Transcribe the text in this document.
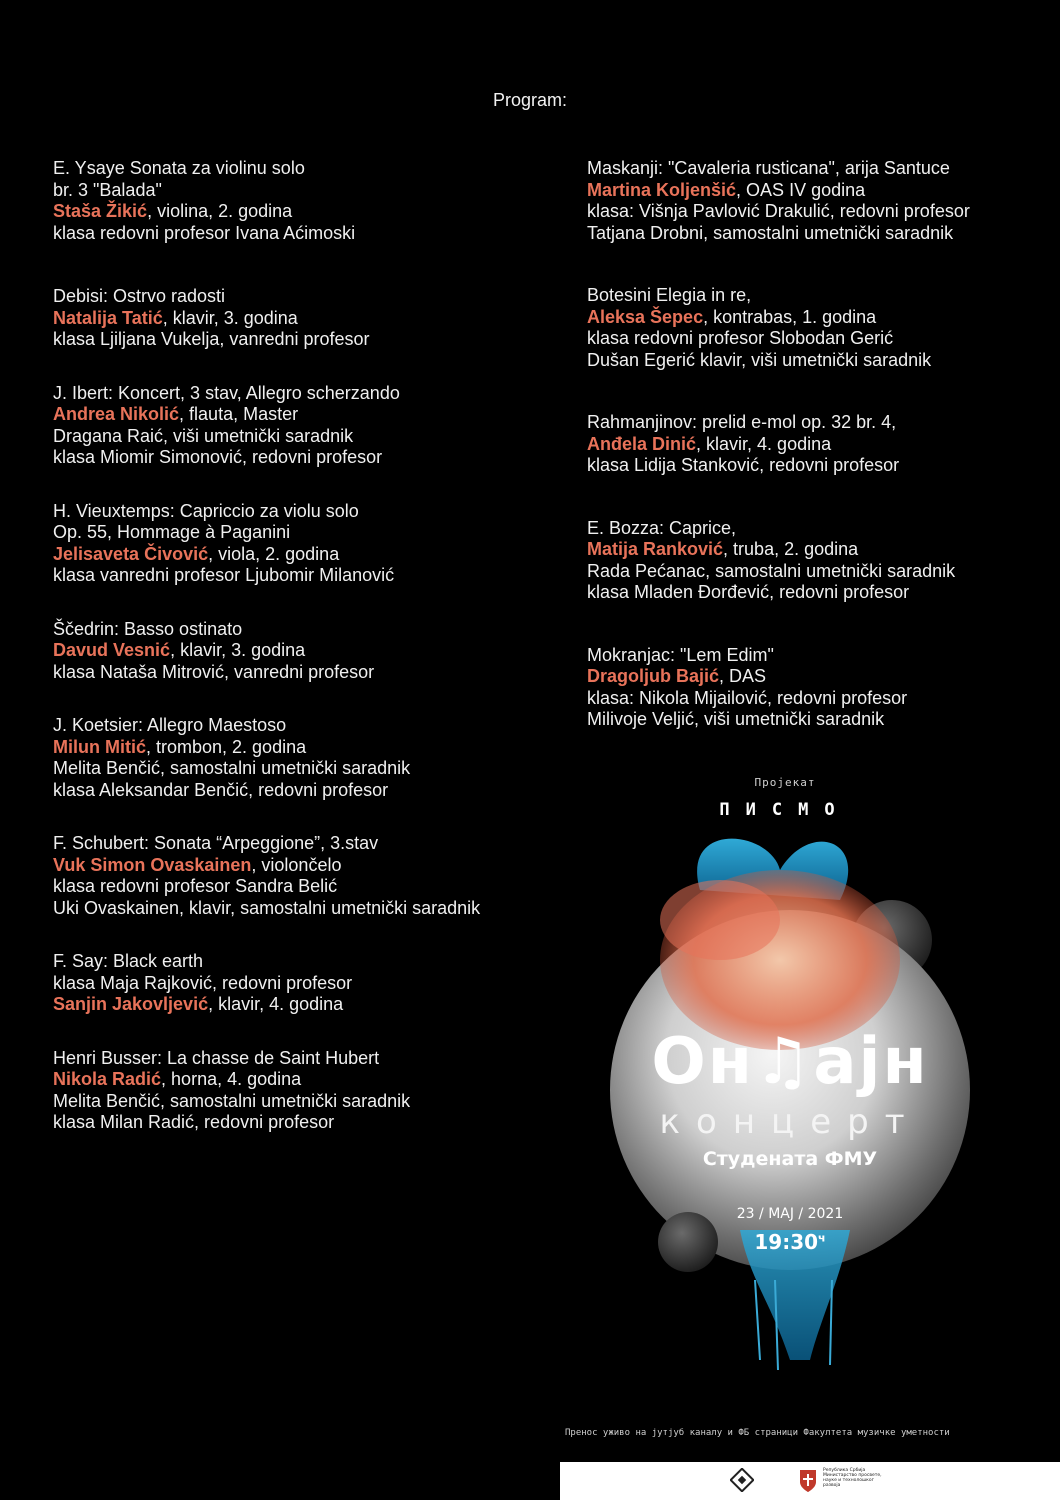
Program:
E. Ysaye Sonata za violinu solo
br. 3 "Balada"
Staša Žikić, violina, 2. godina
klasa redovni profesor Ivana Aćimoski
Debisi: Ostrvo radosti
Natalija Tatić, klavir, 3. godina
klasa Ljiljana Vukelja, vanredni profesor
J. Ibert: Koncert, 3 stav, Allegro scherzando
Andrea Nikolić, flauta, Master
Dragana Raić, viši umetnički saradnik
klasa Miomir Simonović, redovni profesor
H. Vieuxtemps: Capriccio za violu solo
Op. 55, Hommage à Paganini
Jelisaveta Čivović, viola, 2. godina
klasa vanredni profesor Ljubomir Milanović
Ščedrin: Basso ostinato
Davud Vesnić, klavir, 3. godina
klasa Nataša Mitrović, vanredni profesor
J. Koetsier: Allegro Maestoso
Milun Mitić, trombon, 2. godina
Melita Benčić, samostalni umetnički saradnik
klasa Aleksandar Benčić, redovni profesor
F. Schubert: Sonata “Arpeggione”, 3.stav
Vuk Simon Ovaskainen, violončelo
klasa redovni profesor Sandra Belić
Uki Ovaskainen, klavir, samostalni umetnički saradnik
F. Say: Black earth
klasa Maja Rajković, redovni profesor
Sanjin Jakovljević, klavir, 4. godina
Henri Busser: La chasse de Saint Hubert
Nikola Radić, horna, 4. godina
Melita Benčić, samostalni umetnički saradnik
klasa Milan Radić, redovni profesor
Maskanji: "Cavaleria rusticana", arija Santuce
Martina Koljenšić, OAS IV godina
klasa: Višnja Pavlović Drakulić, redovni profesor
Tatjana Drobni, samostalni umetnički saradnik
Botesini Elegia in re,
Aleksa Šepec, kontrabas, 1. godina
klasa redovni profesor Slobodan Gerić
Dušan Egerić klavir, viši umetnički saradnik
Rahmanjinov: prelid e-mol op. 32 br. 4,
Anđela Dinić, klavir, 4. godina
klasa Lidija Stanković, redovni profesor
E. Bozza: Caprice,
Matija Ranković, truba, 2. godina
Rada Pećanac, samostalni umetnički saradnik
klasa Mladen Đorđević, redovni profesor
Mokranjac: "Lem Edim"
Dragoljub Bajić, DAS
klasa: Nikola Mijailović, redovni profesor
Milivoje Veljić, viši umetnički saradnik
Пројекат
ПИСМО
Он♫ајн
концерт
Студената ФМУ
23 / МАЈ / 2021
$19:30^ч$
Пренос уживо на јутјуб каналу и ФБ страници Факултета музичке уметности
Република Србија Министарство просвете, науке и технолошког развоја
